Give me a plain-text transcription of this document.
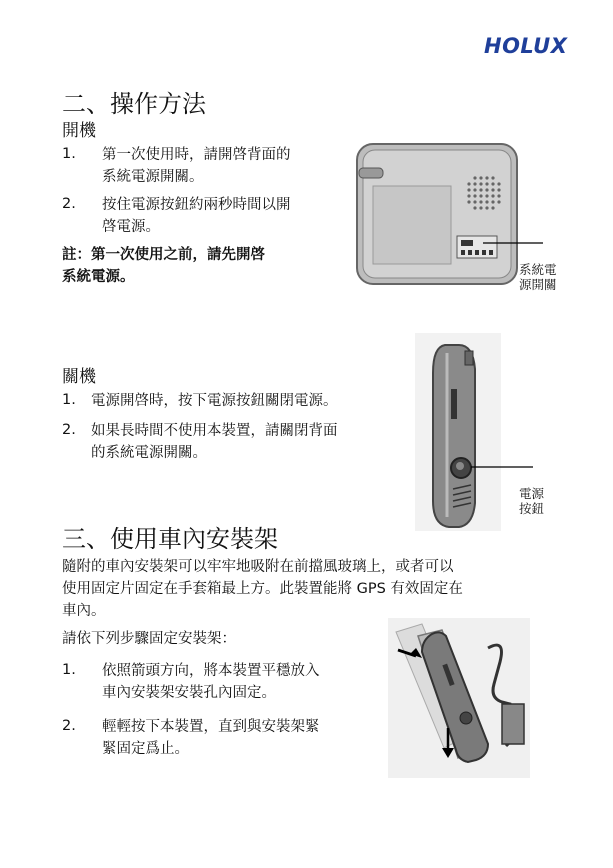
HOLUX
二、操作方法
開機
1. 第一次使用時，請開啓背面的
系統電源開關。
2. 按住電源按鈕約兩秒時間以開
啓電源。
註：第一次使用之前，請先開啓
系統電源。	系統電
源開關
關機
1. 電源開啓時，按下電源按鈕關閉電源。
2. 如果長時間不使用本裝置，請關閉背面
的系統電源開關。
電源
按鈕
三、使用車內安裝架
隨附的車內安裝架可以牢牢地吸附在前擋風玻璃上，或者可以
使用固定片固定在手套箱最上方。此裝置能將 GPS 有效固定在
車內。
請依下列步驟固定安裝架：
1. 依照箭頭方向，將本裝置平穩放入
車內安裝架安裝孔內固定。
2. 輕輕按下本裝置，直到與安裝架緊
緊固定爲止。
